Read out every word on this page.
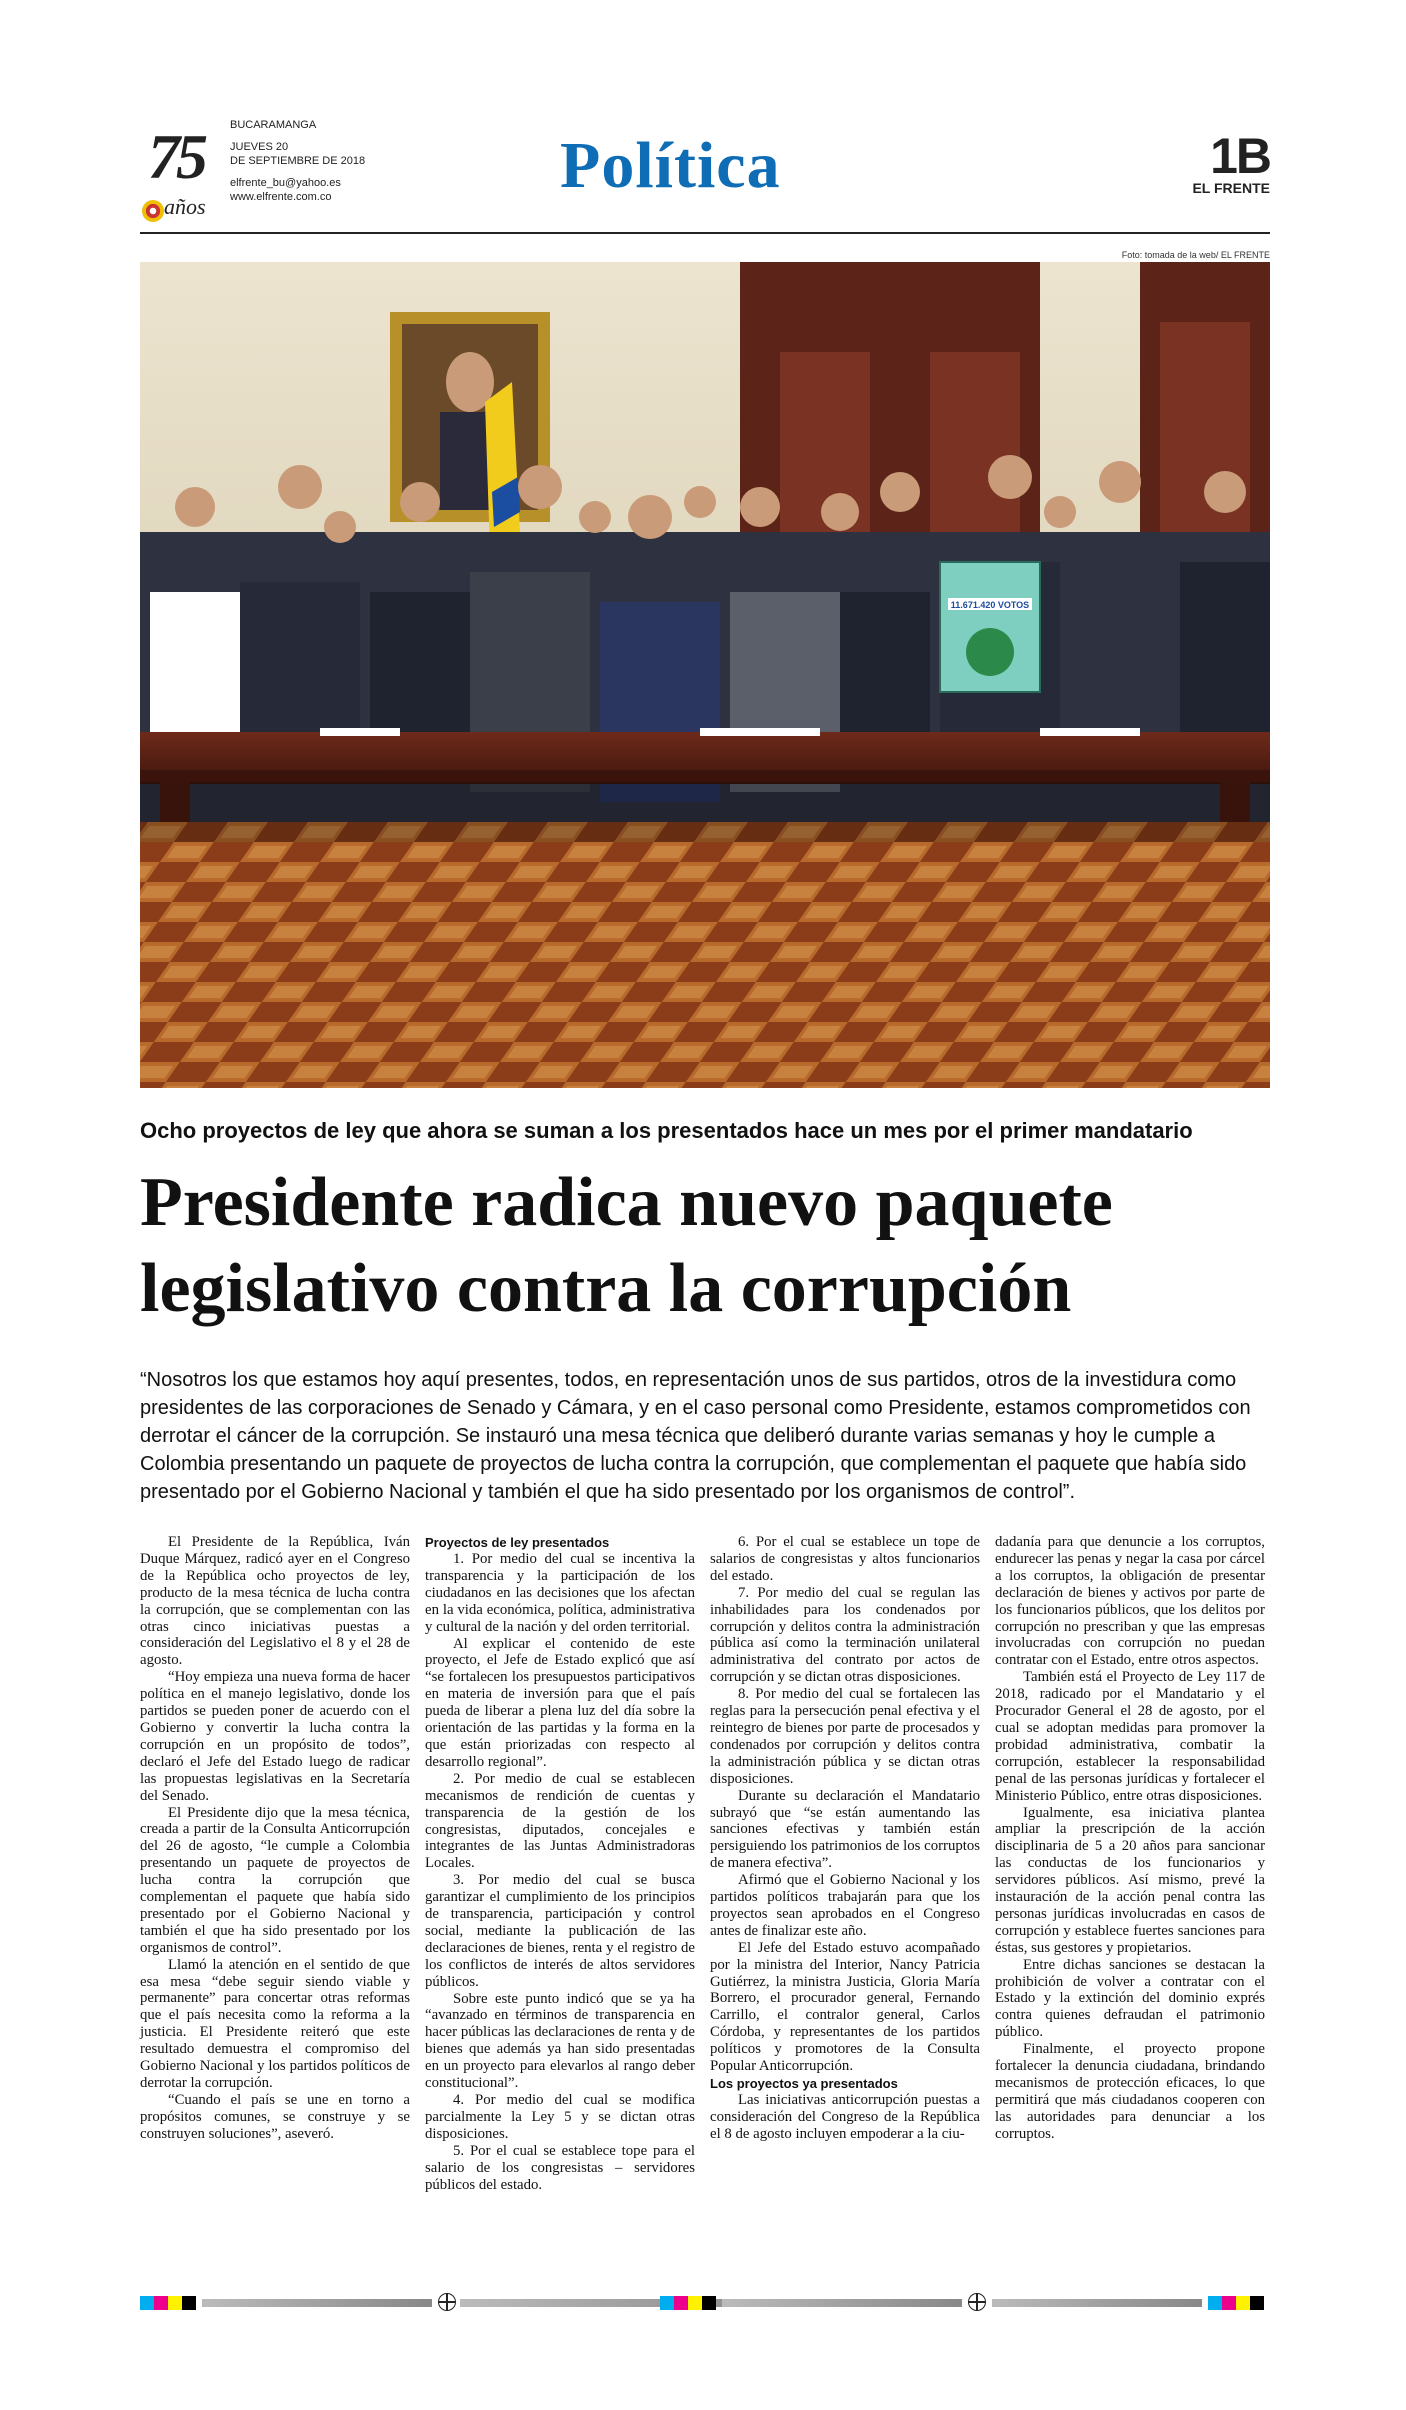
75
años
BUCARAMANGA
JUEVES 20
DE SEPTIEMBRE DE 2018
elfrente_bu@yahoo.es
www.elfrente.com.co	Política	1B
EL FRENTE
Foto: tomada de la web/ EL FRENTE
11.671.420 VOTOS
Ocho proyectos de ley que ahora se suman a los presentados hace un mes por el primer mandatario
Presidente radica nuevo paquete
legislativo contra la corrupción
“Nosotros los que estamos hoy aquí presentes, todos, en representación unos de sus partidos, otros de la investidura como presidentes de las corporaciones de Senado y Cámara, y en el caso personal como Presidente, estamos comprometidos con derrotar el cáncer de la corrupción. Se instauró una mesa técnica que deliberó durante varias semanas y hoy le cumple a Colombia presentando un paquete de proyectos de lucha contra la corrupción, que complementan el paquete que había sido presentado por el Gobierno Nacional y también el que ha sido presentado por los organismos de control”.

El Presidente de la República, Iván Duque Márquez, radicó ayer en el Congreso de la República ocho proyectos de ley, producto de la mesa técnica de lucha contra la corrupción, que se complementan con las otras cinco iniciativas puestas a consideración del Legislativo el 8 y el 28 de agosto.

“Hoy empieza una nueva forma de hacer política en el manejo legislativo, donde los partidos se pueden poner de acuerdo con el Gobierno y convertir la lucha contra la corrupción en un propósito de todos”, declaró el Jefe del Estado luego de radicar las propuestas legislativas en la Secretaría del Senado.

El Presidente dijo que la mesa técnica, creada a partir de la Consulta Anticorrupción del 26 de agosto, “le cumple a Colombia presentando un paquete de proyectos de lucha contra la corrupción que complementan el paquete que había sido presentado por el Gobierno Nacional y también el que ha sido presentado por los organismos de control”.

Llamó la atención en el sentido de que esa mesa “debe seguir siendo viable y permanente” para concertar otras reformas que el país necesita como la reforma a la justicia. El Presidente reiteró que este resultado demuestra el compromiso del Gobierno Nacional y los partidos políticos de derrotar la corrupción.

“Cuando el país se une en torno a propósitos comunes, se construye y se construyen soluciones”, aseveró.

Proyectos de ley presentados

1. Por medio del cual se incentiva la transparencia y la participación de los ciudadanos en las decisiones que los afectan en la vida económica, política, administrativa y cultural de la nación y del orden territorial.

Al explicar el contenido de este proyecto, el Jefe de Estado explicó que así “se fortalecen los presupuestos participativos en materia de inversión para que el país pueda de liberar a plena luz del día sobre la orientación de las partidas y la forma en la que están priorizadas con respecto al desarrollo regional”.

2. Por medio de cual se establecen mecanismos de rendición de cuentas y transparencia de la gestión de los congresistas, diputados, concejales e integrantes de las Juntas Administradoras Locales.

3. Por medio del cual se busca garantizar el cumplimiento de los principios de transparencia, participación y control social, mediante la publicación de las declaraciones de bienes, renta y el registro de los conflictos de interés de altos servidores públicos.

Sobre este punto indicó que se ya ha “avanzado en términos de transparencia en hacer públicas las declaraciones de renta y de bienes que además ya han sido presentadas en un proyecto para elevarlos al rango deber constitucional”.

4. Por medio del cual se modifica parcialmente la Ley 5 y se dictan otras disposiciones.

5. Por el cual se establece tope para el salario de los congresistas – servidores públicos del estado.

6. Por el cual se establece un tope de salarios de congresistas y altos funcionarios del estado.

7. Por medio del cual se regulan las inhabilidades para los condenados por corrupción y delitos contra la administración pública así como la terminación unilateral administrativa del contrato por actos de corrupción y se dictan otras disposiciones.

8. Por medio del cual se fortalecen las reglas para la persecución penal efectiva y el reintegro de bienes por parte de procesados y condenados por corrupción y delitos contra la administración pública y se dictan otras disposiciones.

Durante su declaración el Mandatario subrayó que “se están aumentando las sanciones efectivas y también están persiguiendo los patrimonios de los corruptos de manera efectiva”.

Afirmó que el Gobierno Nacional y los partidos políticos trabajarán para que los proyectos sean aprobados en el Congreso antes de finalizar este año.

El Jefe del Estado estuvo acompañado por la ministra del Interior, Nancy Patricia Gutiérrez, la ministra Justicia, Gloria María Borrero, el procurador general, Fernando Carrillo, el contralor general, Carlos Córdoba, y representantes de los partidos políticos y promotores de la Consulta Popular Anticorrupción.

Los proyectos ya presentados

Las iniciativas anticorrupción puestas a consideración del Congreso de la República el 8 de agosto incluyen empoderar a la ciu-

dadanía para que denuncie a los corruptos, endurecer las penas y negar la casa por cárcel a los corruptos, la obligación de presentar declaración de bienes y activos por parte de los funcionarios públicos, que los delitos por corrupción no prescriban y que las empresas involucradas con corrupción no puedan contratar con el Estado, entre otros aspectos.

También está el Proyecto de Ley 117 de 2018, radicado por el Mandatario y el Procurador General el 28 de agosto, por el cual se adoptan medidas para promover la probidad administrativa, combatir la corrupción, establecer la responsabilidad penal de las personas jurídicas y fortalecer el Ministerio Público, entre otras disposiciones.

Igualmente, esa iniciativa plantea ampliar la prescripción de la acción disciplinaria de 5 a 20 años para sancionar las conductas de los funcionarios y servidores públicos. Así mismo, prevé la instauración de la acción penal contra las personas jurídicas involucradas en casos de corrupción y establece fuertes sanciones para éstas, sus gestores y propietarios.

Entre dichas sanciones se destacan la prohibición de volver a contratar con el Estado y la extinción del dominio exprés contra quienes defraudan el patrimonio público.

Finalmente, el proyecto propone fortalecer la denuncia ciudadana, brindando mecanismos de protección eficaces, lo que permitirá que más ciudadanos cooperen con las autoridades para denunciar a los corruptos.
